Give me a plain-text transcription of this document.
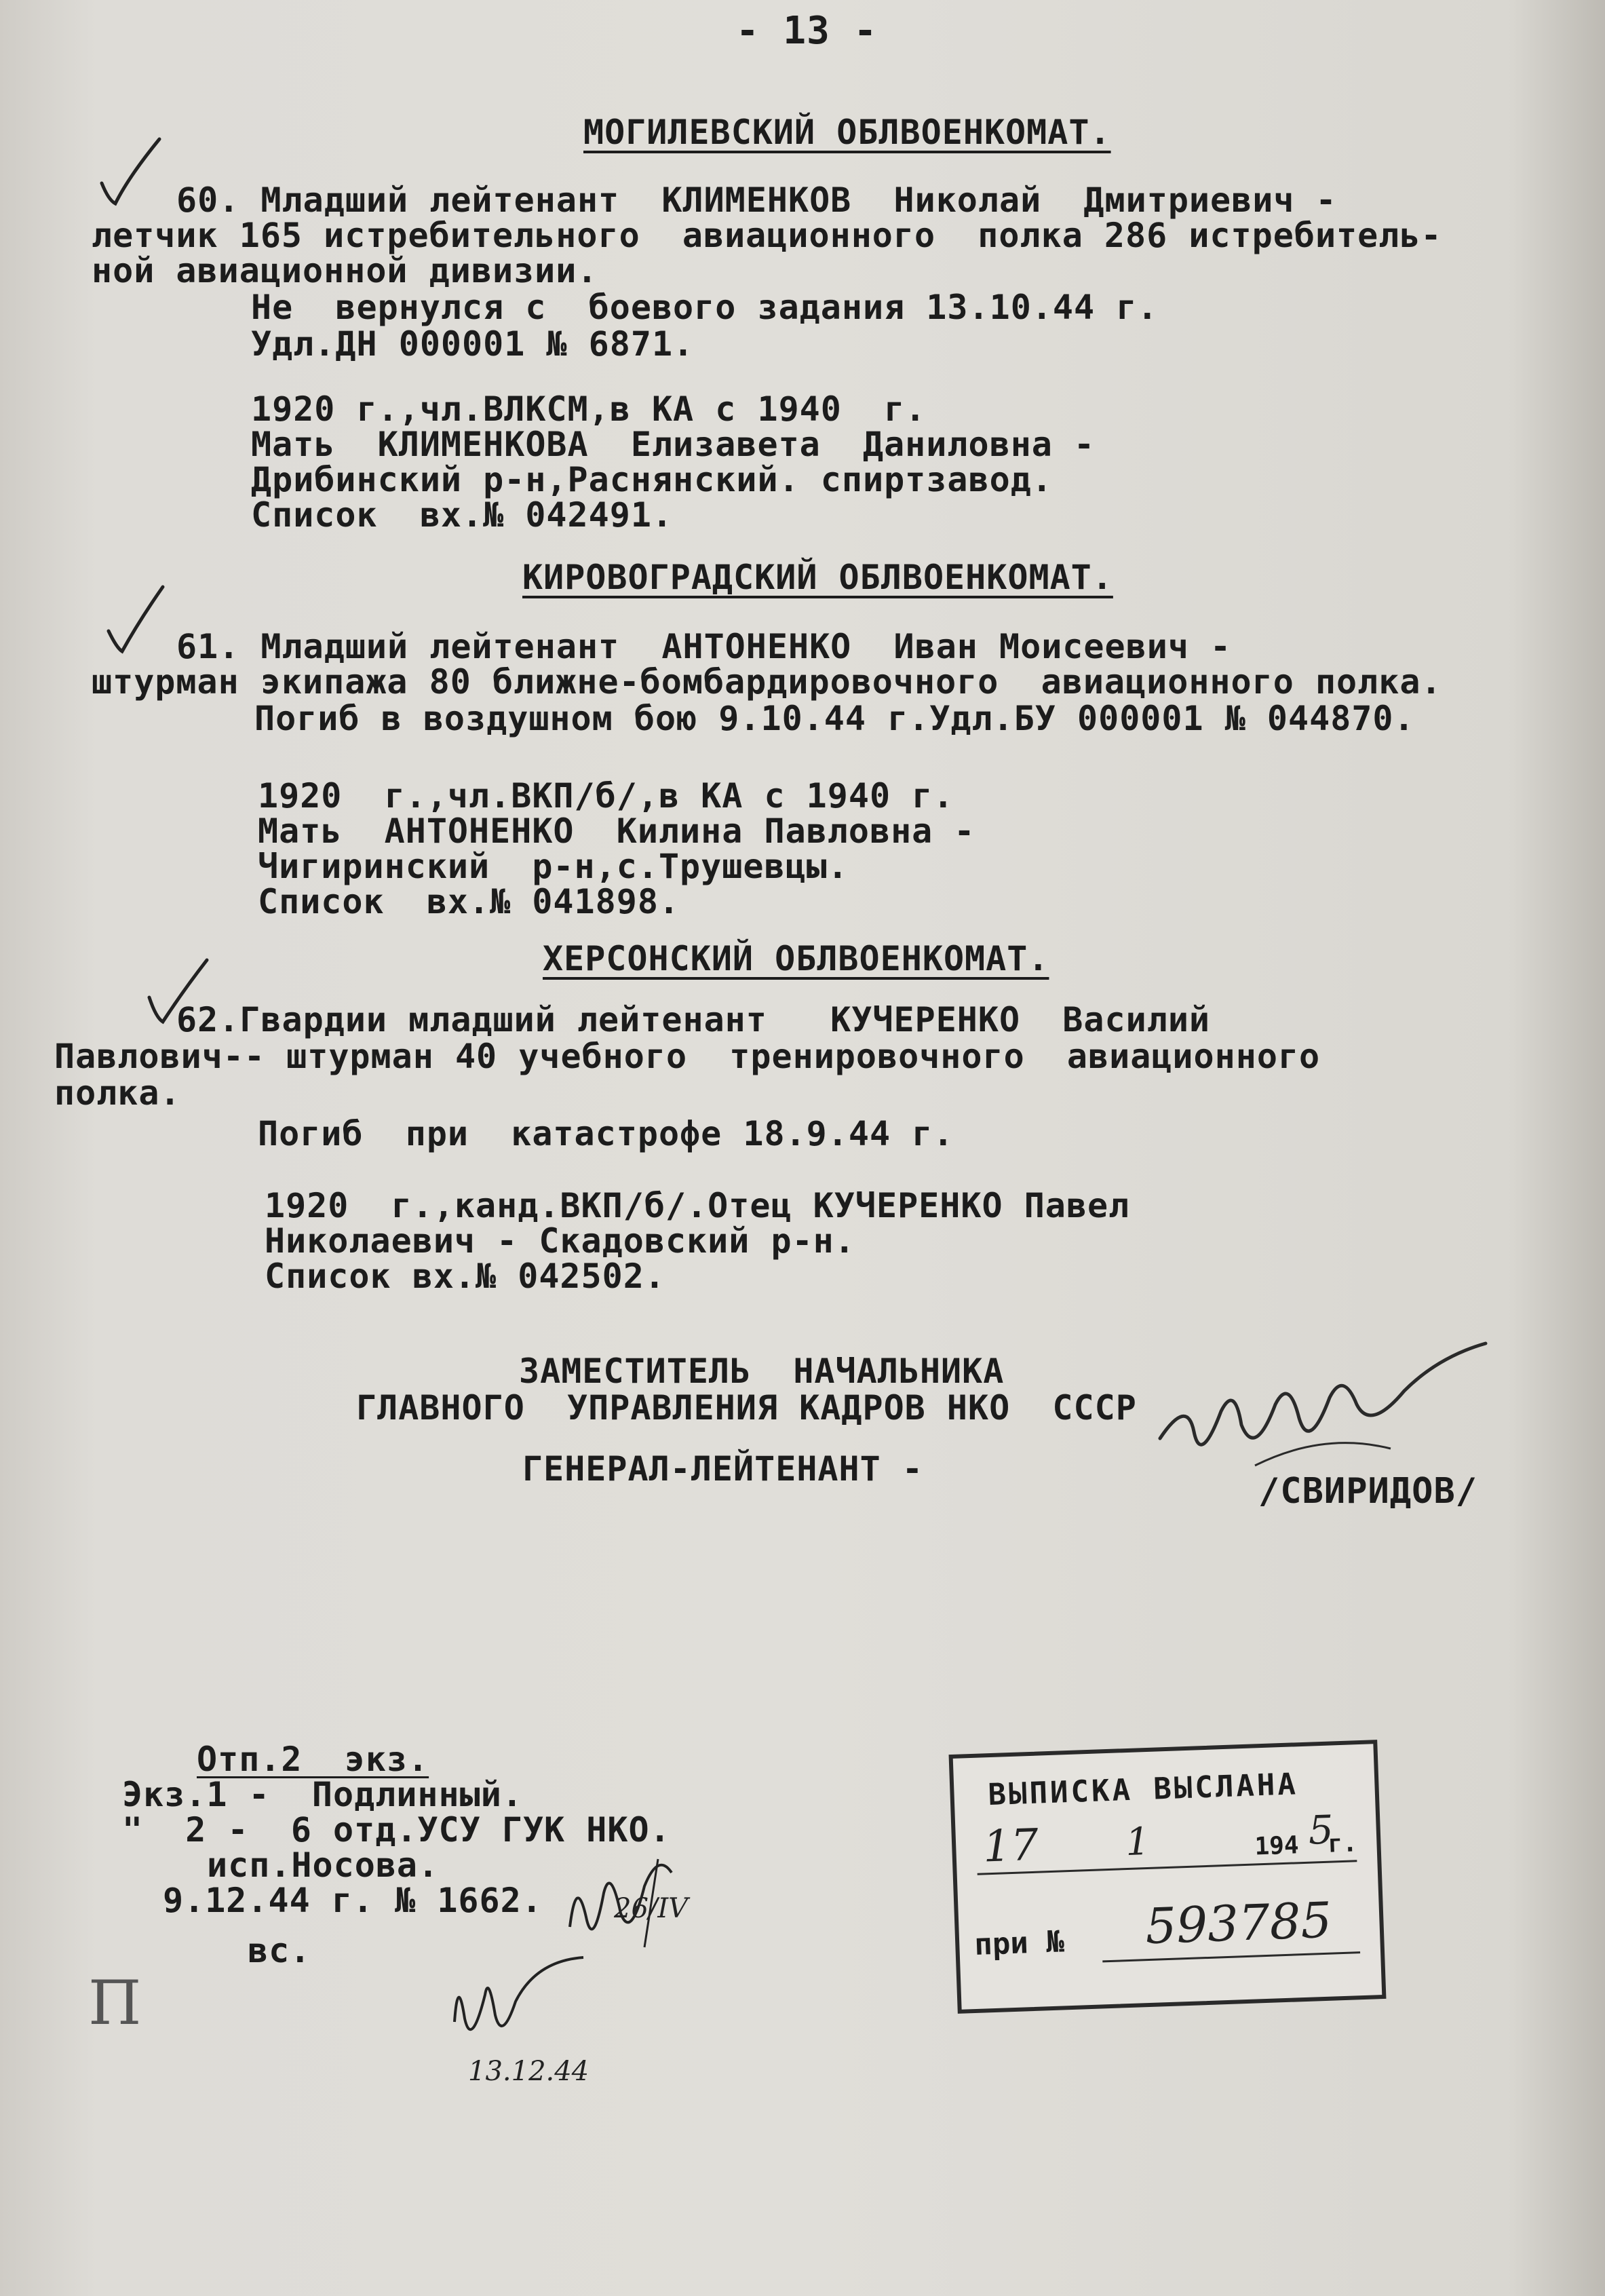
- 13 -
МОГИЛЕВСКИЙ ОБЛВОЕНКОМАТ.
60. Младший лейтенант  КЛИМЕНКОВ  Николай  Дмитриевич -
летчик 165 истребительного  авиационного  полка 286 истребитель-
ной авиационной дивизии.
Не  вернулся с  боевого задания 13.10.44 г.
Удл.ДН 000001 № 6871.
1920 г.,чл.ВЛКСМ,в КА с 1940  г.
Мать  КЛИМЕНКОВА  Елизавета  Даниловна -
Дрибинский р-н,Раснянский. спиртзавод.
Список  вх.№ 042491.
КИРОВОГРАДСКИЙ ОБЛВОЕНКОМАТ.
61. Младший лейтенант  АНТОНЕНКО  Иван Моисеевич -
штурман экипажа 80 ближне-бомбардировочного  авиационного полка.
Погиб в воздушном бою 9.10.44 г.Удл.БУ 000001 № 044870.
1920  г.,чл.ВКП/б/,в КА с 1940 г.
Мать  АНТОНЕНКО  Килина Павловна -
Чигиринский  р-н,с.Трушевцы.
Список  вх.№ 041898.
ХЕРСОНСКИЙ ОБЛВОЕНКОМАТ.
62.Гвардии младший лейтенант   КУЧЕРЕНКО  Василий
Павлович-- штурман 40 учебного  тренировочного  авиационного
полка.
Погиб  при  катастрофе 18.9.44 г.
1920  г.,канд.ВКП/б/.Отец КУЧЕРЕНКО Павел
Николаевич - Скадовский р-н.
Список вх.№ 042502.
ЗАМЕСТИТЕЛЬ  НАЧАЛЬНИКА
ГЛАВНОГО  УПРАВЛЕНИЯ КАДРОВ НКО  СССР
ГЕНЕРАЛ-ЛЕЙТЕНАНТ -
/СВИРИДОВ/
Отп.2  экз.
Экз.1 -  Подлинный.
"  2 -  6 отд.УСУ ГУК НКО.
исп.Носова.
9.12.44 г. № 1662.
вс.
ВЫПИСКА ВЫСЛАНА
17 1	194 5
г.
при № 593785
26/IV
13.12.44
П
